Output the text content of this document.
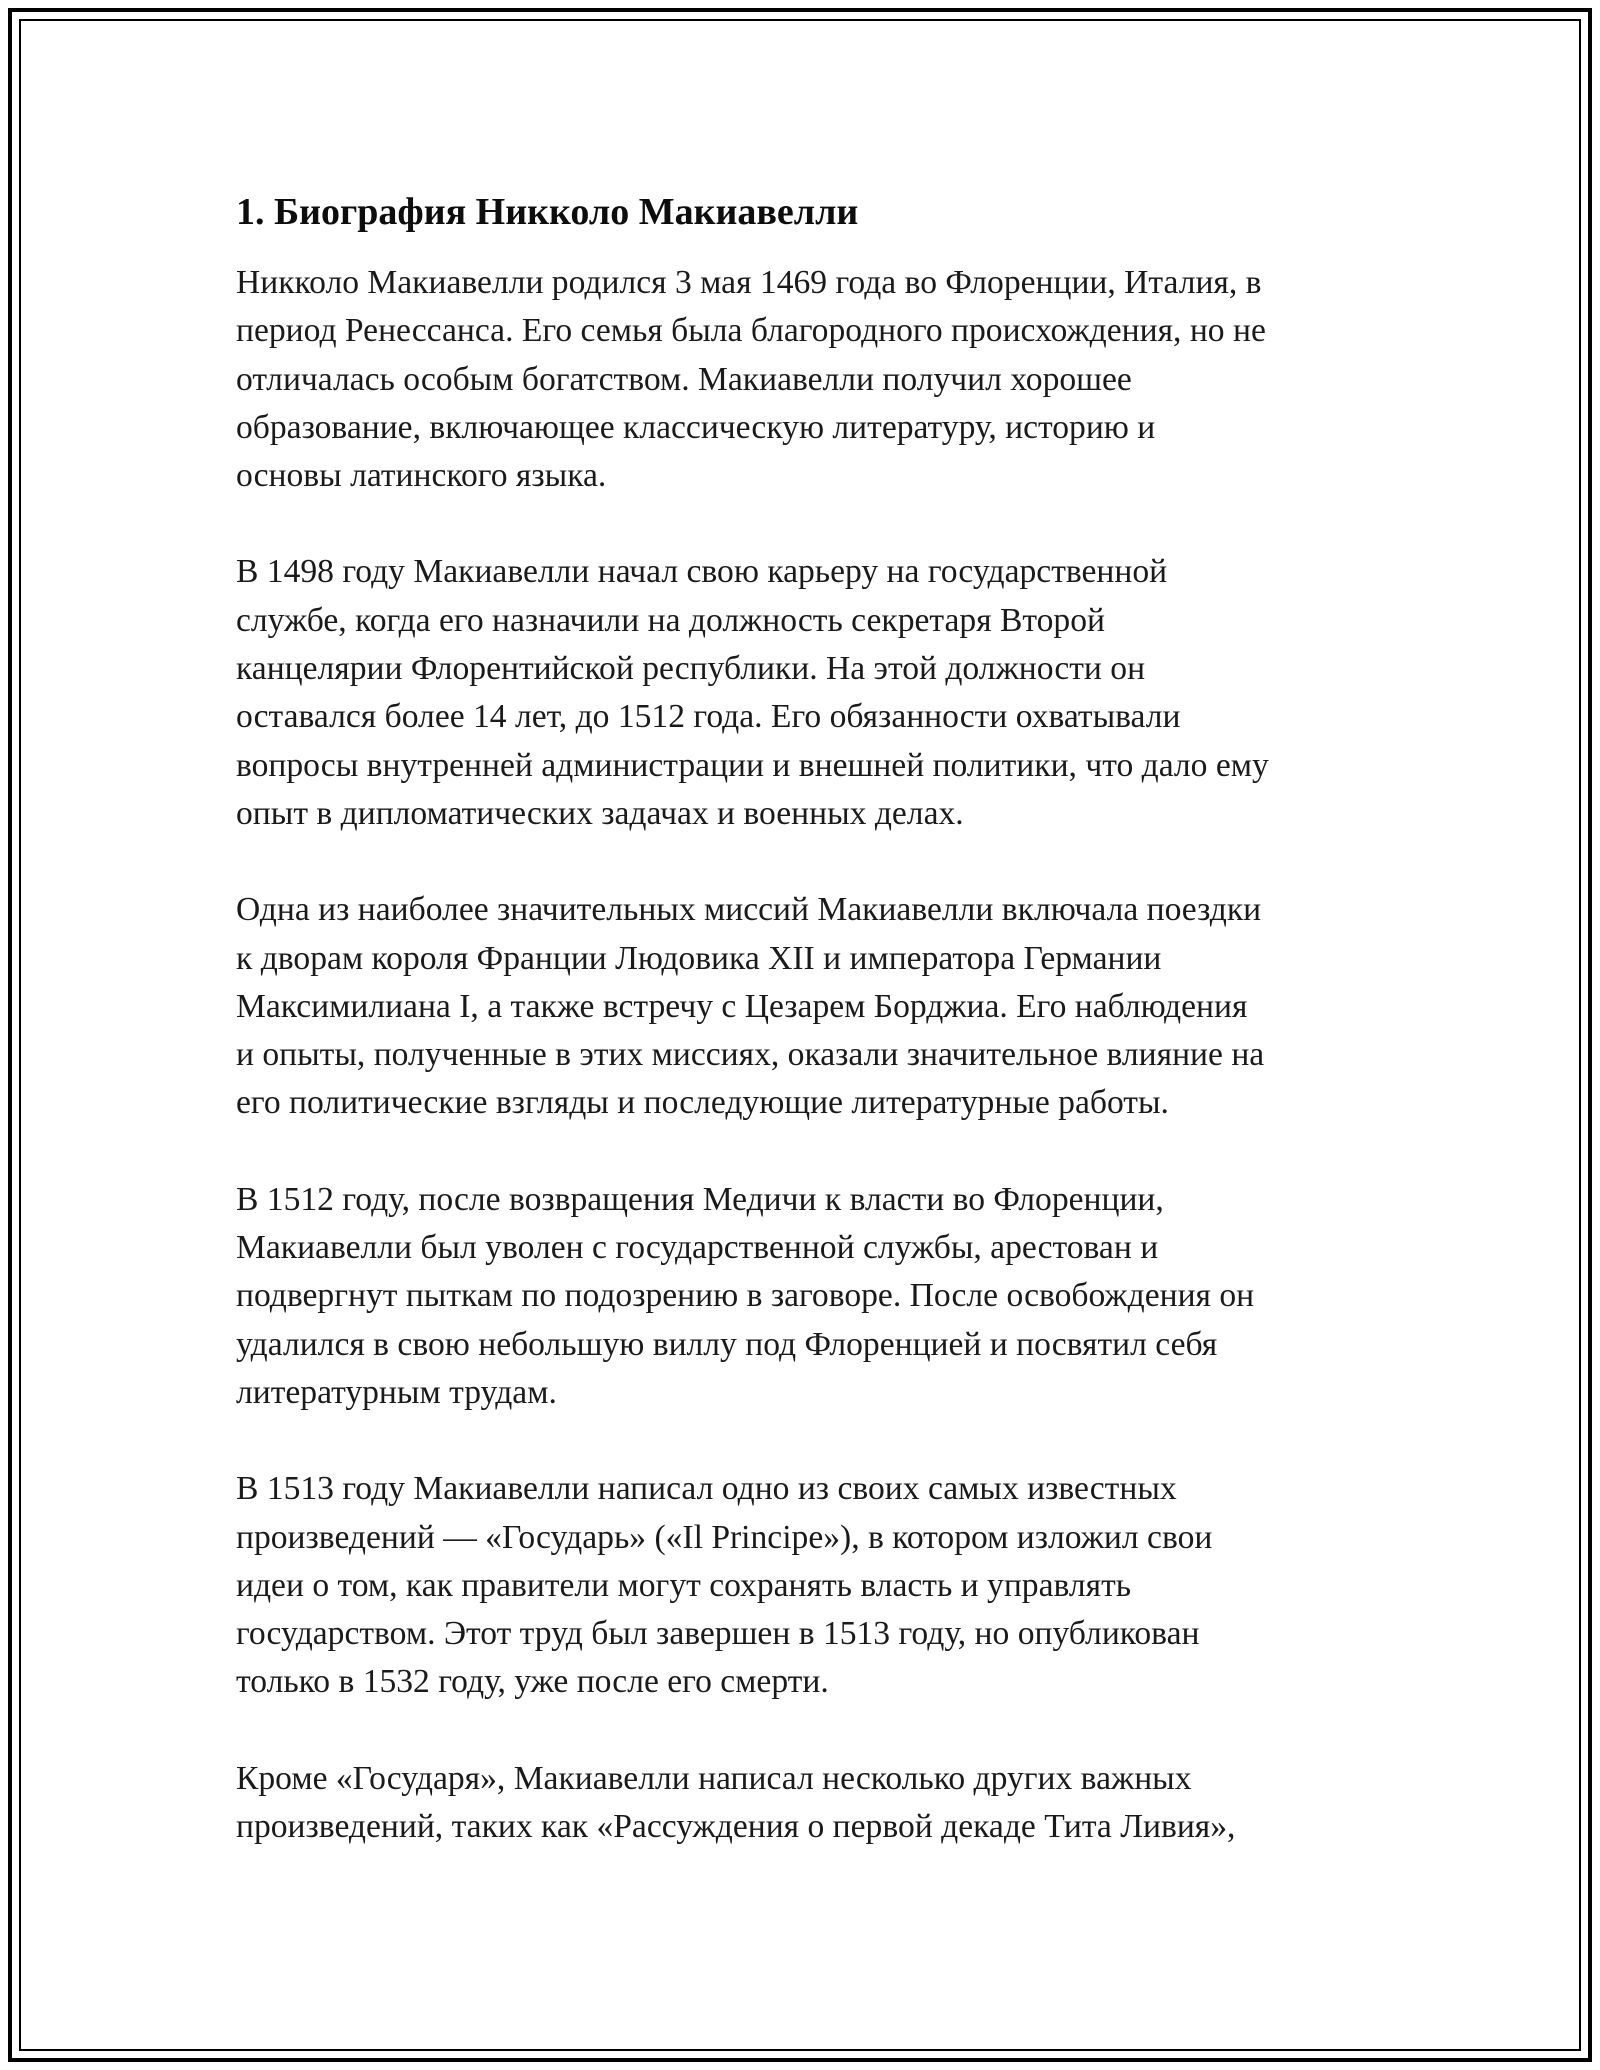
1. Биография Никколо Макиавелли
Никколо Макиавелли родился 3 мая 1469 года во Флоренции, Италия, в
период Ренессанса. Его семья была благородного происхождения, но не
отличалась особым богатством. Макиавелли получил хорошее
образование, включающее классическую литературу, историю и
основы латинского языка.
В 1498 году Макиавелли начал свою карьеру на государственной
службе, когда его назначили на должность секретаря Второй
канцелярии Флорентийской республики. На этой должности он
оставался более 14 лет, до 1512 года. Его обязанности охватывали
вопросы внутренней администрации и внешней политики, что дало ему
опыт в дипломатических задачах и военных делах.
Одна из наиболее значительных миссий Макиавелли включала поездки
к дворам короля Франции Людовика XII и императора Германии
Максимилиана I, а также встречу с Цезарем Борджиа. Его наблюдения
и опыты, полученные в этих миссиях, оказали значительное влияние на
его политические взгляды и последующие литературные работы.
В 1512 году, после возвращения Медичи к власти во Флоренции,
Макиавелли был уволен с государственной службы, арестован и
подвергнут пыткам по подозрению в заговоре. После освобождения он
удалился в свою небольшую виллу под Флоренцией и посвятил себя
литературным трудам.
В 1513 году Макиавелли написал одно из своих самых известных
произведений — «Государь» («Il Principe»), в котором изложил свои
идеи о том, как правители могут сохранять власть и управлять
государством. Этот труд был завершен в 1513 году, но опубликован
только в 1532 году, уже после его смерти.
Кроме «Государя», Макиавелли написал несколько других важных
произведений, таких как «Рассуждения о первой декаде Тита Ливия»,
